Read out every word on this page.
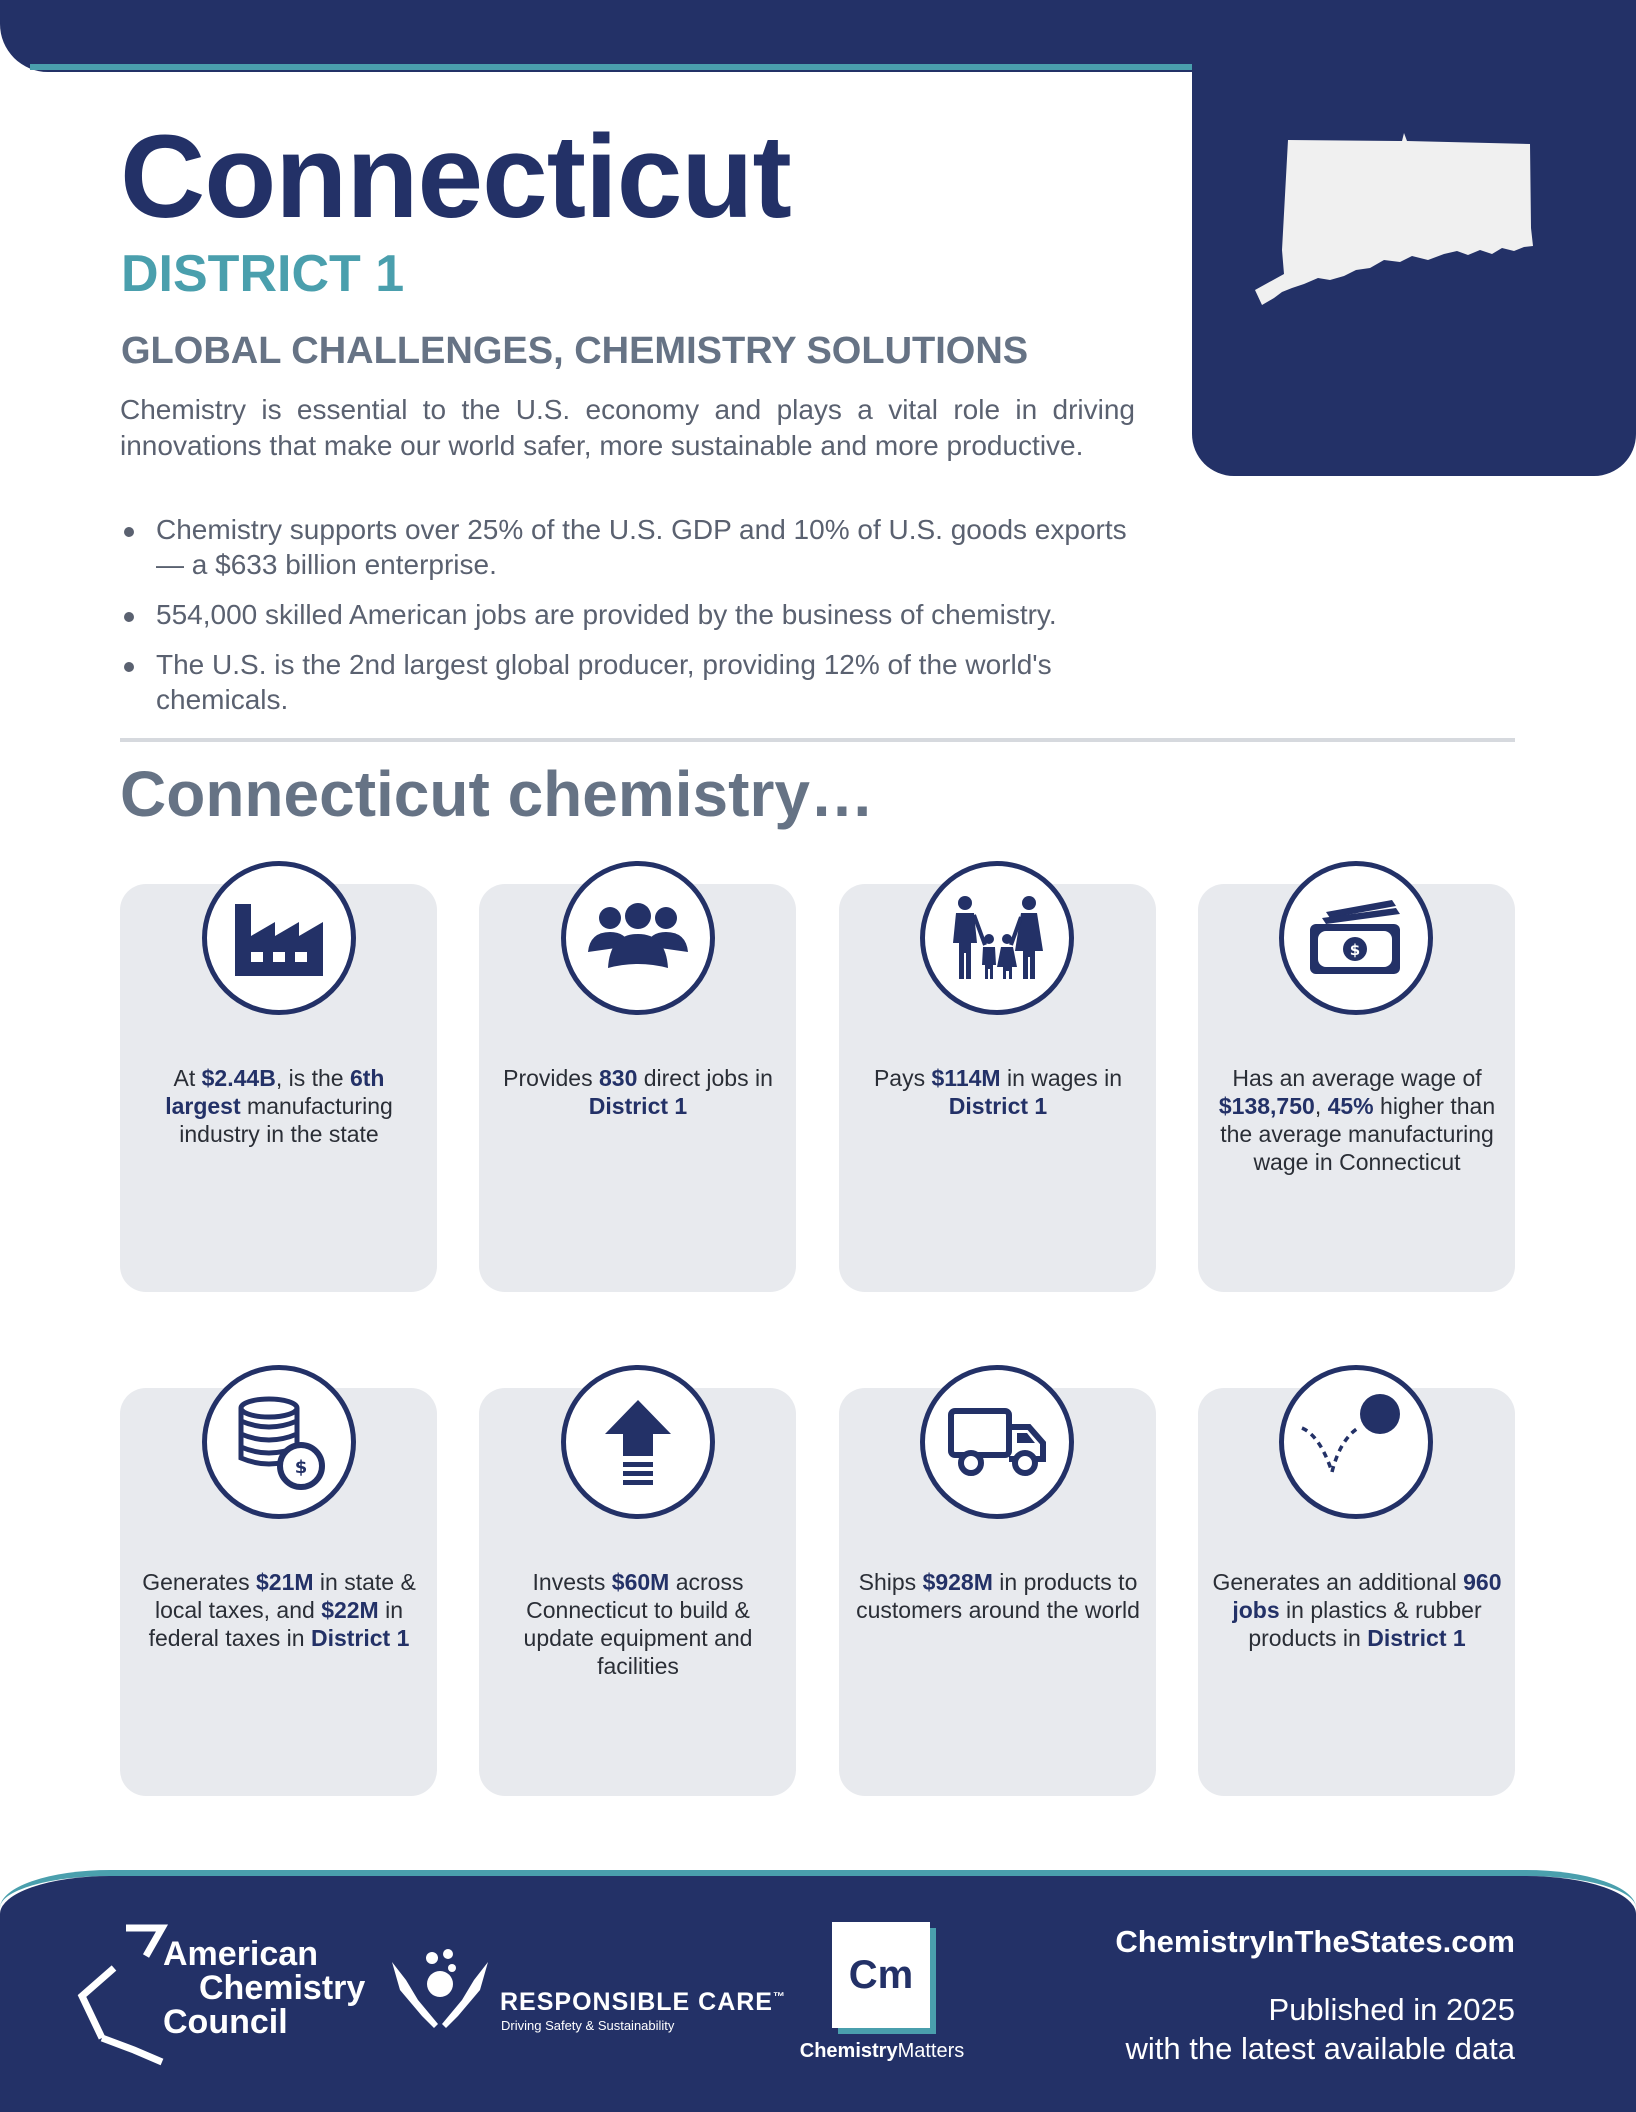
Connecticut
DISTRICT 1
GLOBAL CHALLENGES, CHEMISTRY SOLUTIONS

Chemistry is essential to the U.S. economy and plays a vital role in driving innovations that make our world safer, more sustainable and more productive.

Chemistry supports over 25% of the U.S. GDP and 10% of U.S. goods exports — a $633 billion enterprise.
554,000 skilled American jobs are provided by the business of chemistry.
The U.S. is the 2nd largest global producer, providing 12% of the world's chemicals.
Connecticut chemistry…
At $2.44B, is the 6th largest manufacturing industry in the state
Provides 830 direct jobs in District 1
Pays $114M in wages in District 1
$
Has an average wage of $138,750, 45% higher than the average manufacturing wage in Connecticut
$
Generates $21M in state & local taxes, and $22M in federal taxes in District 1
Invests $60M across Connecticut to build & update equipment and facilities
Ships $928M in products to customers around the world
Generates an additional 960 jobs in plastics & rubber products in District 1
American
Chemistry
Council
RESPONSIBLE CARE™
Driving Safety & Sustainability
Cm
ChemistryMatters
ChemistryInTheStates.com
Published in 2025
with the latest available data
